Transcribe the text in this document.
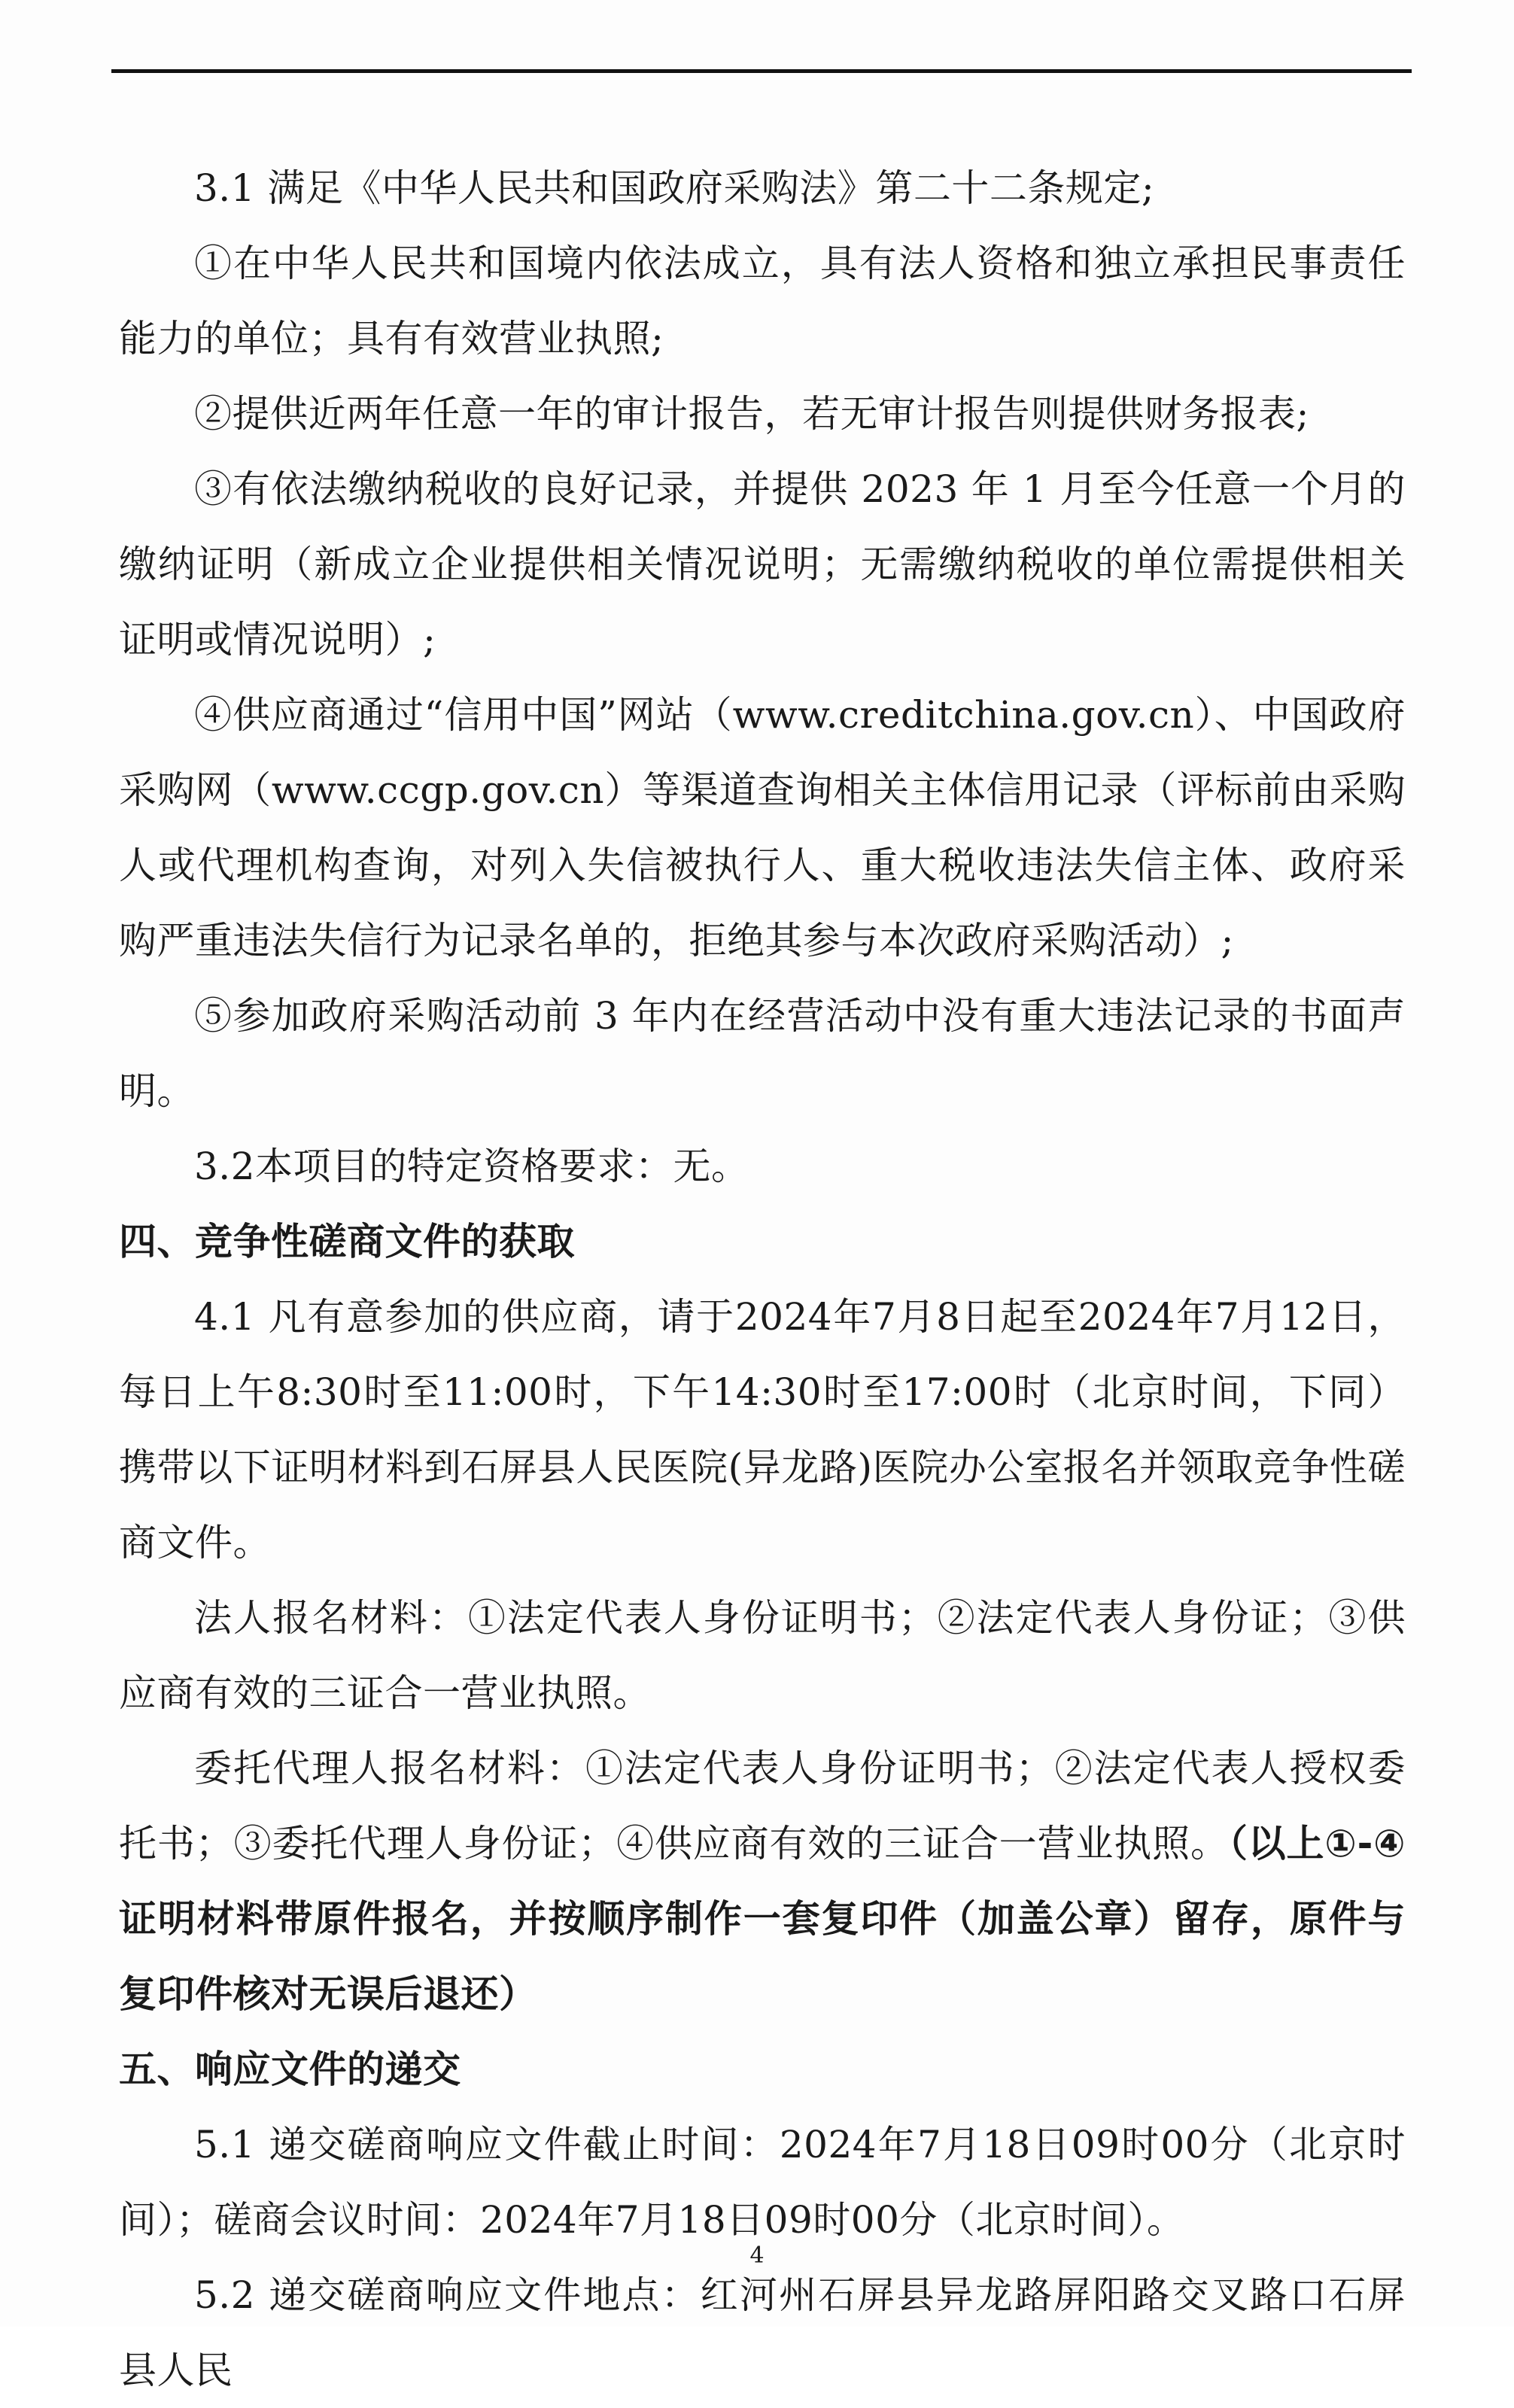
3.1 满足《中华人民共和国政府采购法》第二十二条规定;

①在中华人民共和国境内依法成立，具有法人资格和独立承担民事责任能力的单位；具有有效营业执照;

②提供近两年任意一年的审计报告，若无审计报告则提供财务报表;

③有依法缴纳税收的良好记录，并提供 2023 年 1 月至今任意一个月的缴纳证明（新成立企业提供相关情况说明；无需缴纳税收的单位需提供相关证明或情况说明）;

④供应商通过“信用中国”网站（www.creditchina.gov.cn）、中国政府采购网（www.ccgp.gov.cn）等渠道查询相关主体信用记录（评标前由采购人或代理机构查询，对列入失信被执行人、重大税收违法失信主体、政府采购严重违法失信行为记录名单的，拒绝其参与本次政府采购活动）;

⑤参加政府采购活动前 3 年内在经营活动中没有重大违法记录的书面声明。

3.2本项目的特定资格要求：无。

四、竞争性磋商文件的获取

4.1 凡有意参加的供应商，请于2024年7月8日起至2024年7月12日，每日上午8:30时至11:00时，下午14:30时至17:00时（北京时间，下同）携带以下证明材料到石屏县人民医院(异龙路)医院办公室报名并领取竞争性磋商文件。

法人报名材料：①法定代表人身份证明书；②法定代表人身份证；③供应商有效的三证合一营业执照。

委托代理人报名材料：①法定代表人身份证明书；②法定代表人授权委托书；③委托代理人身份证；④供应商有效的三证合一营业执照。（以上①-④证明材料带原件报名，并按顺序制作一套复印件（加盖公章）留存，原件与复印件核对无误后退还）

五、响应文件的递交

5.1 递交磋商响应文件截止时间：2024年7月18日09时00分（北京时间）；磋商会议时间：2024年7月18日09时00分（北京时间）。

5.2 递交磋商响应文件地点：红河州石屏县异龙路屏阳路交叉路口石屏县人民

4
